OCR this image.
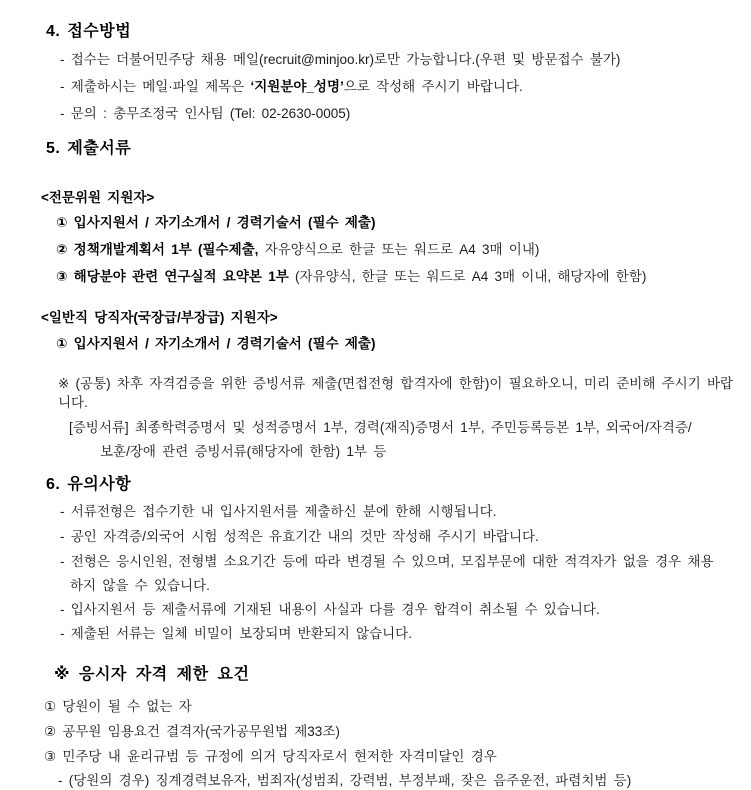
4. 접수방법

- 접수는 더불어민주당 채용 메일(recruit@minjoo.kr)로만 가능합니다.(우편 및 방문접수 불가)

- 제출하시는 메일·파일 제목은 ‘지원분야_성명’으로 작성해 주시기 바랍니다.

- 문의 : 총무조정국 인사팀 (Tel: 02-2630-0005)

5. 제출서류

<전문위원 지원자>

① 입사지원서 / 자기소개서 / 경력기술서 (필수 제출)

② 정책개발계획서 1부 (필수제출, 자유양식으로 한글 또는 워드로 A4 3매 이내)

③ 해당분야 관련 연구실적 요약본 1부 (자유양식, 한글 또는 워드로 A4 3매 이내, 해당자에 한함)

<일반직 당직자(국장급/부장급) 지원자>

① 입사지원서 / 자기소개서 / 경력기술서 (필수 제출)

※ (공통) 차후 자격검증을 위한 증빙서류 제출(면접전형 합격자에 한함)이 필요하오니, 미리 준비해 주시기 바랍니다.

[증빙서류] 최종학력증명서 및 성적증명서 1부, 경력(재직)증명서 1부, 주민등록등본 1부, 외국어/자격증/

보훈/장애 관련 증빙서류(해당자에 한함) 1부 등

6. 유의사항

- 서류전형은 접수기한 내 입사지원서를 제출하신 분에 한해 시행됩니다.

- 공인 자격증/외국어 시험 성적은 유효기간 내의 것만 작성해 주시기 바랍니다.

- 전형은 응시인원, 전형별 소요기간 등에 따라 변경될 수 있으며, 모집부문에 대한 적격자가 없을 경우 채용

하지 않을 수 있습니다.

- 입사지원서 등 제출서류에 기재된 내용이 사실과 다를 경우 합격이 취소될 수 있습니다.

- 제출된 서류는 일체 비밀이 보장되며 반환되지 않습니다.

※ 응시자 자격 제한 요건

① 당원이 될 수 없는 자

② 공무원 임용요건 결격자(국가공무원법 제33조)

③ 민주당 내 윤리규범 등 규정에 의거 당직자로서 현저한 자격미달인 경우

- (당원의 경우) 징계경력보유자, 범죄자(성범죄, 강력범, 부정부패, 잦은 음주운전, 파렴치범 등)
